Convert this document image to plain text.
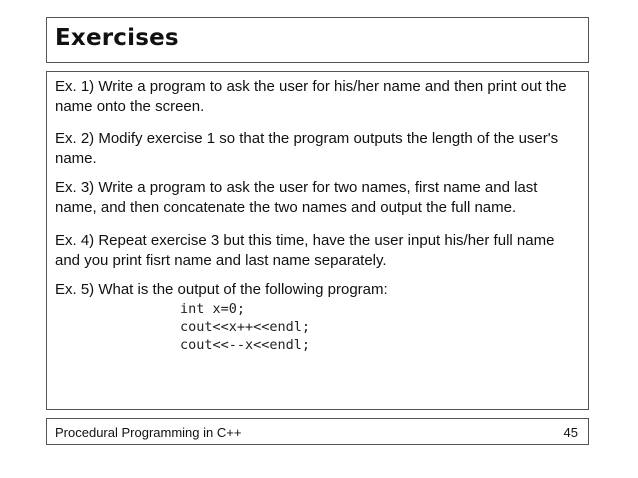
Exercises

Ex. 1) Write a program to ask the user for his/her name and then print out the name onto the screen.

Ex. 2) Modify exercise 1 so that the program outputs the length of the user's name.

Ex. 3) Write a program to ask the user for two names, first name and last name, and then concatenate the two names and output the full name.

Ex. 4) Repeat exercise 3 but this time, have the user input his/her full name and you print fisrt name and last name separately.

Ex. 5) What is the output of the following program:

int x=0;
cout<<x++<<endl;
cout<<--x<<endl;
Procedural Programming in C++	45
